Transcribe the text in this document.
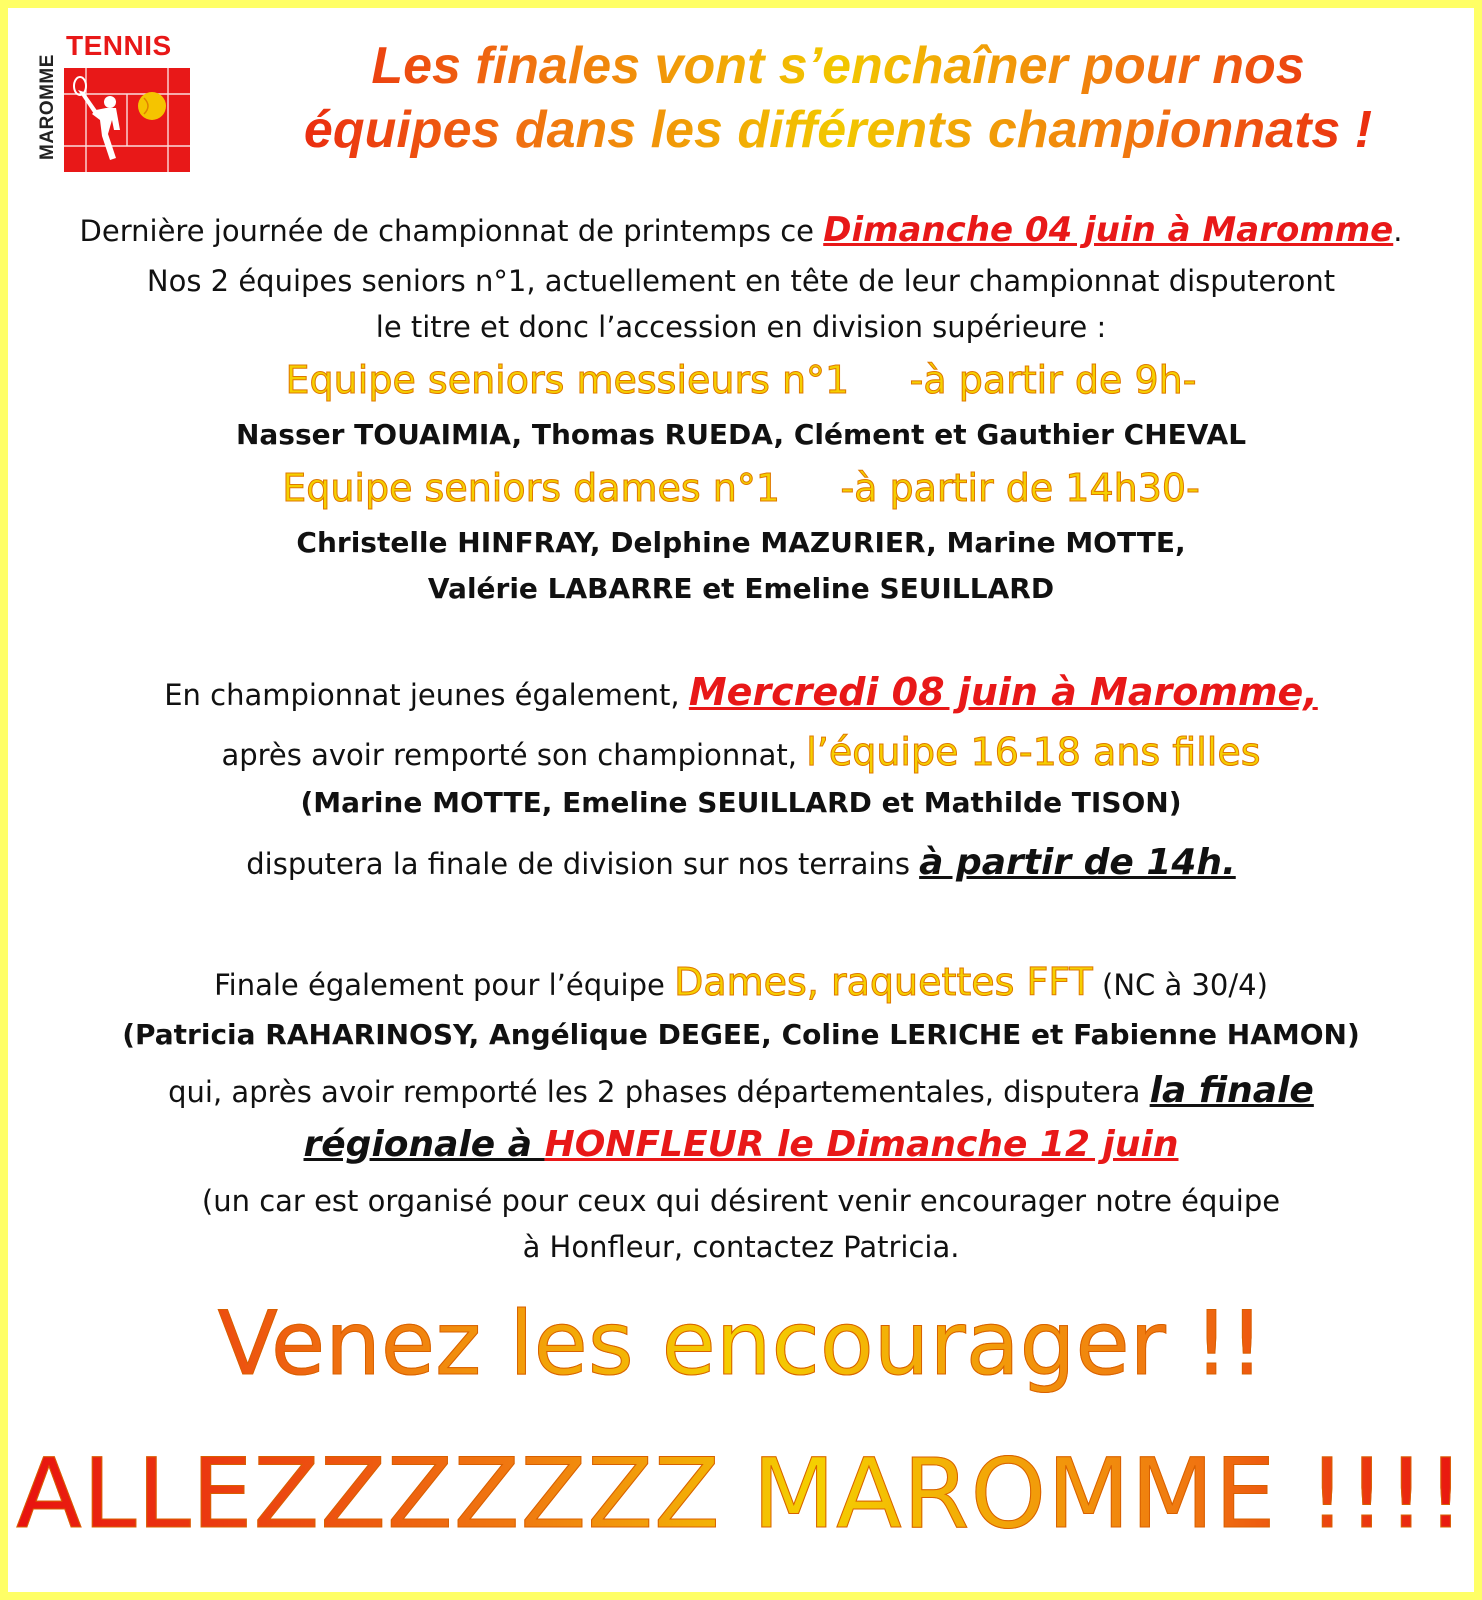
MAROMME
TENNIS	Les finales vont s’enchaîner pour nos
équipes dans les différents championnats !
Dernière journée de championnat de printemps ce Dimanche 04 juin à Maromme.
Nos 2 équipes seniors n°1, actuellement en tête de leur championnat disputeront
le titre et donc l’accession en division supérieure :
Equipe seniors messieurs n°1     -à partir de 9h-
Nasser TOUAIMIA, Thomas RUEDA, Clément et Gauthier CHEVAL
Equipe seniors dames n°1     -à partir de 14h30-
Christelle HINFRAY, Delphine MAZURIER, Marine MOTTE,
Valérie LABARRE et Emeline SEUILLARD
En championnat jeunes également, Mercredi 08 juin à Maromme,
après avoir remporté son championnat, l’équipe 16-18 ans filles
(Marine MOTTE, Emeline SEUILLARD et Mathilde TISON)
disputera la finale de division sur nos terrains à partir de 14h.
Finale également pour l’équipe Dames, raquettes FFT (NC à 30/4)
(Patricia RAHARINOSY, Angélique DEGEE, Coline LERICHE et Fabienne HAMON)
qui, après avoir remporté les 2 phases départementales, disputera la finale
régionale à HONFLEUR le Dimanche 12 juin
(un car est organisé pour ceux qui désirent venir encourager notre équipe
à Honfleur, contactez Patricia.
Venez les encourager !!
ALLEZZZZZZZ MAROMME !!!!
